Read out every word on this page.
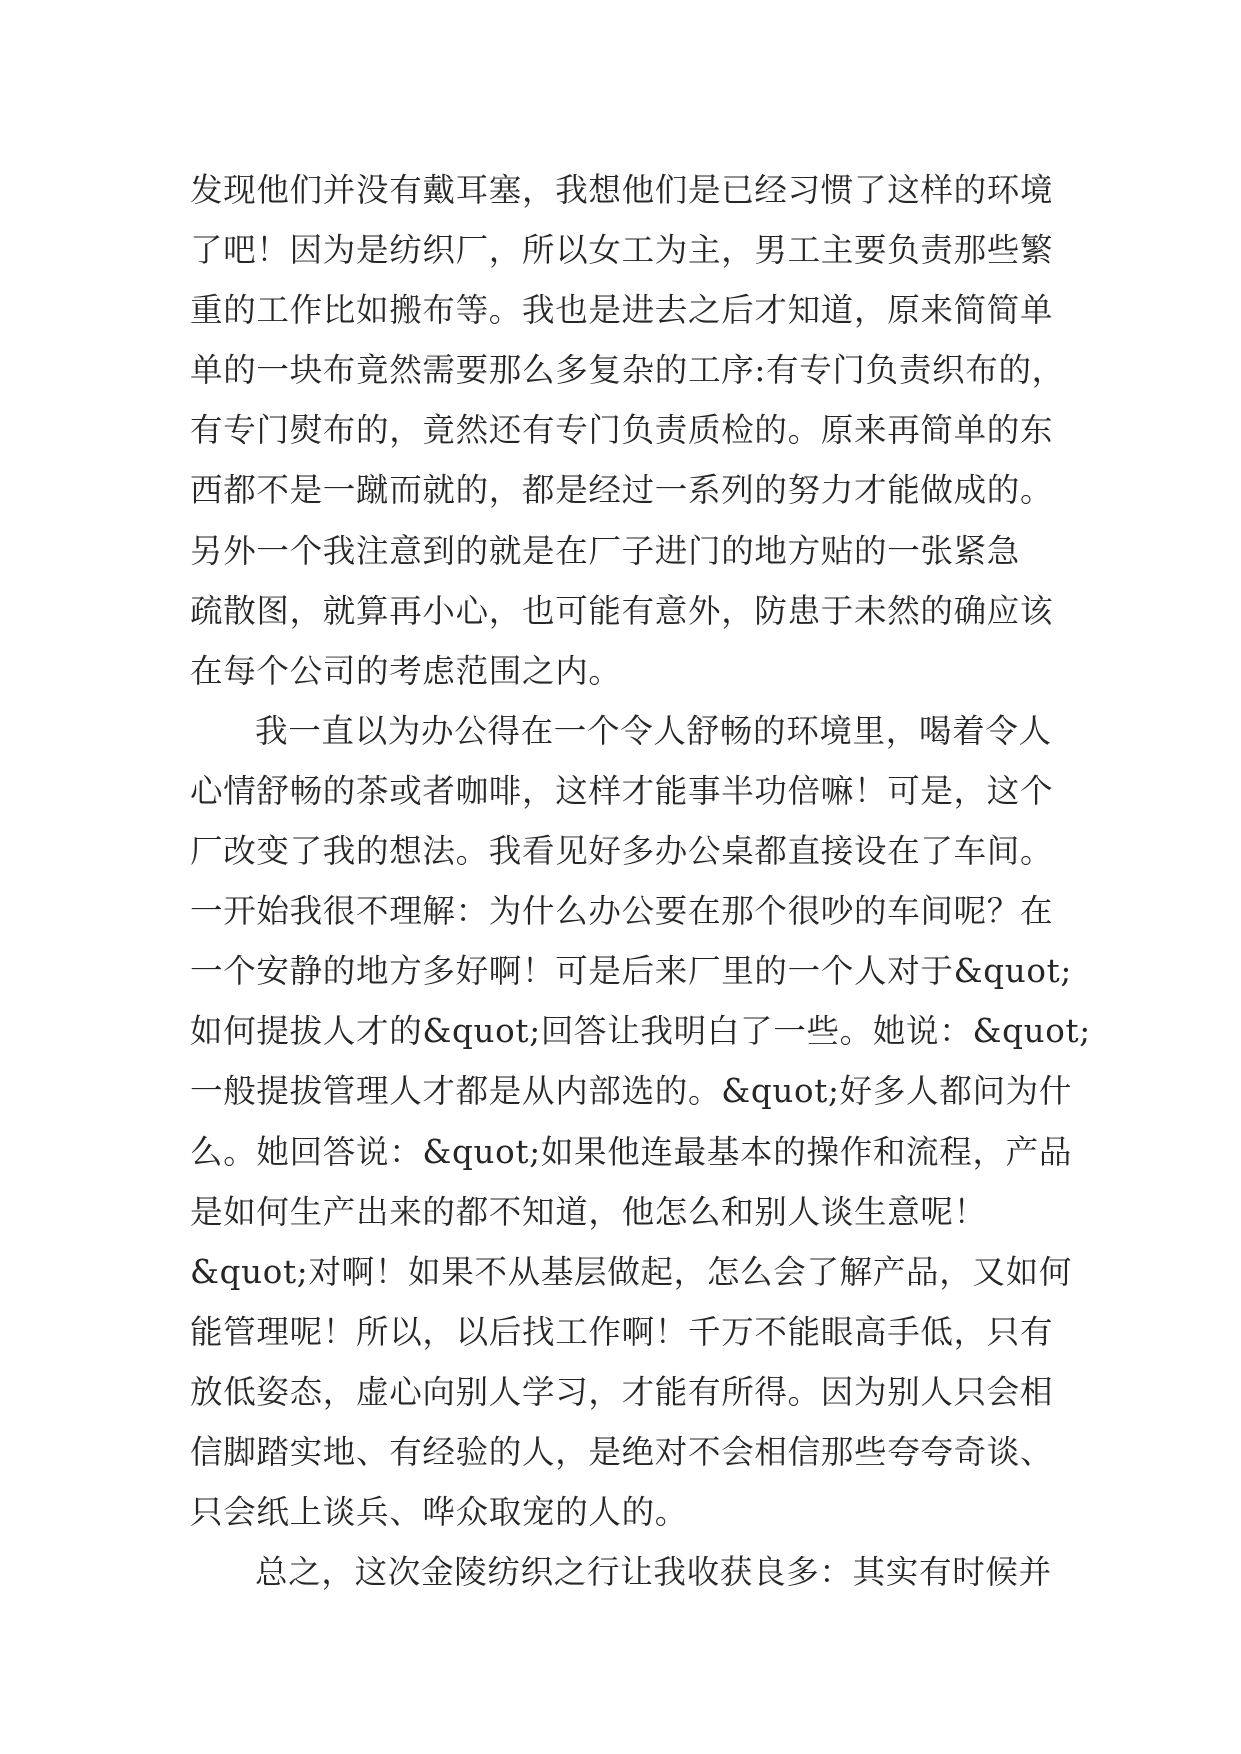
发现他们并没有戴耳塞，我想他们是已经习惯了这样的环境
了吧！因为是纺织厂，所以女工为主，男工主要负责那些繁
重的工作比如搬布等。我也是进去之后才知道，原来简简单
单的一块布竟然需要那么多复杂的工序:有专门负责织布的，
有专门熨布的，竟然还有专门负责质检的。原来再简单的东
西都不是一蹴而就的，都是经过一系列的努力才能做成的。
另外一个我注意到的就是在厂子进门的地方贴的一张紧急
疏散图，就算再小心，也可能有意外，防患于未然的确应该
在每个公司的考虑范围之内。
我一直以为办公得在一个令人舒畅的环境里，喝着令人
心情舒畅的茶或者咖啡，这样才能事半功倍嘛！可是，这个
厂改变了我的想法。我看见好多办公桌都直接设在了车间。
一开始我很不理解：为什么办公要在那个很吵的车间呢？在
一个安静的地方多好啊！可是后来厂里的一个人对于&quot;
如何提拔人才的&quot;回答让我明白了一些。她说：&quot;
一般提拔管理人才都是从内部选的。&quot;好多人都问为什
么。她回答说：&quot;如果他连最基本的操作和流程，产品
是如何生产出来的都不知道，他怎么和别人谈生意呢！
&quot;对啊！如果不从基层做起，怎么会了解产品，又如何
能管理呢！所以，以后找工作啊！千万不能眼高手低，只有
放低姿态，虚心向别人学习，才能有所得。因为别人只会相
信脚踏实地、有经验的人，是绝对不会相信那些夸夸奇谈、
只会纸上谈兵、哗众取宠的人的。
总之，这次金陵纺织之行让我收获良多：其实有时候并
